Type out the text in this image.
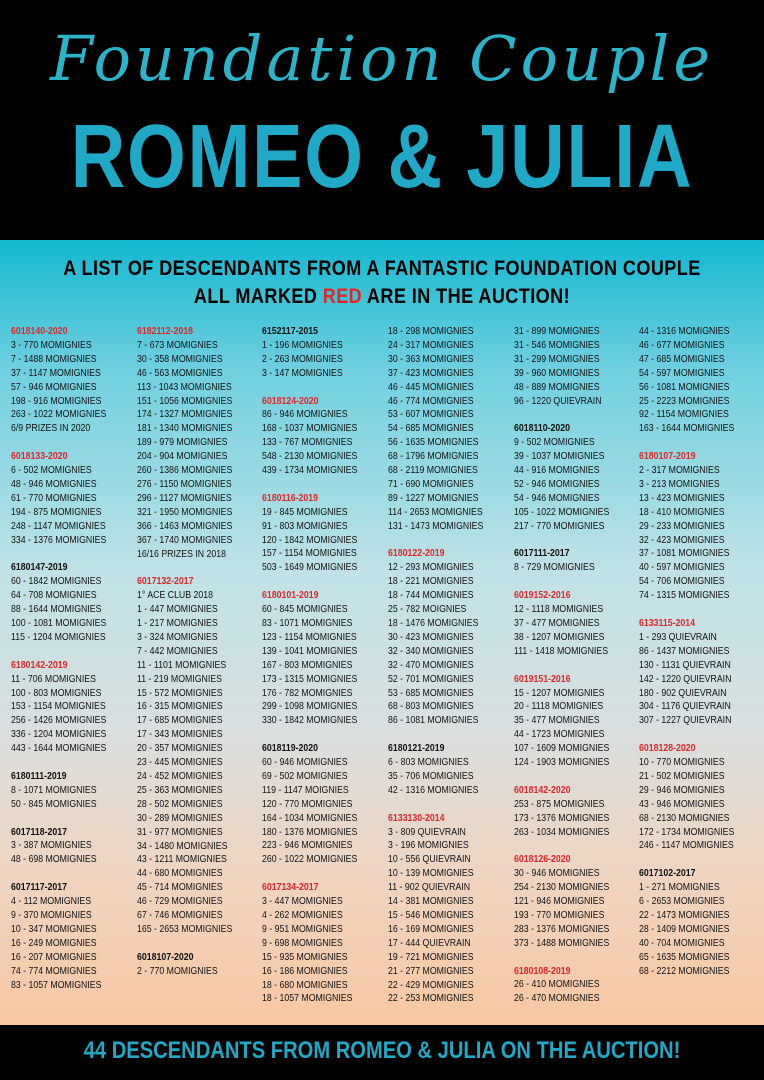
Foundation Couple
ROMEO & JULIA
A LIST OF DESCENDANTS FROM A FANTASTIC FOUNDATION COUPLE
ALL MARKED RED ARE IN THE AUCTION!
6018140-2020
3 - 770 MOMIGNIES
7 - 1488 MOMIGNIES
37 - 1147 MOMIGNIES
57 - 946 MOMIGNIES
198 - 916 MOMIGNIES
263 - 1022 MOMIGNIES
6/9 PRIZES IN 2020
6018133-2020
6 - 502 MOMIGNIES
48 - 946 MOMIGNIES
61 - 770 MOMIGNIES
194 - 875 MOMIGNIES
248 - 1147 MOMIGNIES
334 - 1376 MOMIGNIES
6180147-2019
60 - 1842 MOMIGNIES
64 - 708 MOMIGNIES
88 - 1644 MOMIGNIES
100 - 1081 MOMIGNIES
115 - 1204 MOMIGNIES
6180142-2019
11 - 706 MOMIGNIES
100 - 803 MOMIGNIES
153 - 1154 MOMIGNIES
256 - 1426 MOMIGNIES
336 - 1204 MOMIGNIES
443 - 1644 MOMIGNIES
6180111-2019
8 - 1071 MOMIGNIES
50 - 845 MOMIGNIES
6017118-2017
3 - 387 MOMIGNIES
48 - 698 MOMIGNIES
6017117-2017
4 - 112 MOMIGNIES
9 - 370 MOMIGNIES
10 - 347 MOMIGNIES
16 - 249 MOMIGNIES
16 - 207 MOMIGNIES
74 - 774 MOMIGNIES
83 - 1057 MOMIGNIES
6182112-2018
7 - 673 MOMIGNIES
30 - 358 MOMIGNIES
46 - 563 MOMIGNIES
113 - 1043 MOMIGNIES
151 - 1056 MOMIGNIES
174 - 1327 MOMIGNIES
181 - 1340 MOMIGNIES
189 - 979 MOMIGNIES
204 - 904 MOMIGNIES
260 - 1386 MOMIGNIES
276 - 1150 MOMIGNIES
296 - 1127 MOMIGNIES
321 - 1950 MOMIGNIES
366 - 1463 MOMIGNIES
367 - 1740 MOMIGNIES
16/16 PRIZES IN 2018
6017132-2017
1° ACE CLUB 2018
1 - 447 MOMIGNIES
1 - 217 MOMIGNIES
3 - 324 MOMIGNIES
7 - 442 MOMIGNIES
11 - 1101 MOMIGNIES
11 - 219 MOMIGNIES
15 - 572 MOMIGNIES
16 - 315 MOMIGNIES
17 - 685 MOMIGNIES
17 - 343 MOMIGNIES
20 - 357 MOMIGNIES
23 - 445 MOMIGNIES
24 - 452 MOMIGNIES
25 - 363 MOMIGNIES
28 - 502 MOMIGNIES
30 - 289 MOMIGNIES
31 - 977 MOMIGNIES
34 - 1480 MOMIGNIES
43 - 1211 MOMIGNIES
44 - 680 MOMIGNIES
45 - 714 MOMIGNIES
46 - 729 MOMIGNIES
67 - 746 MOMIGNIES
165 - 2653 MOMIGNIES
6018107-2020
2 - 770 MOMIGNIES
6152117-2015
1 - 196 MOMIGNIES
2 - 263 MOMIGNIES
3 - 147 MOMIGNIES
6018124-2020
86 - 946 MOMIGNIES
168 - 1037 MOMIGNIES
133 - 767 MOMIGNIES
548 - 2130 MOMIGNIES
439 - 1734 MOMIGNIES
6180116-2019
19 - 845 MOMIGNIES
91 - 803 MOMIGNIES
120 - 1842 MOMIGNIES
157 - 1154 MOMIGNIES
503 - 1649 MOMIGNIES
6180101-2019
60 - 845 MOMIGNIES
83 - 1071 MOMIGNIES
123 - 1154 MOMIGNIES
139 - 1041 MOMIGNIES
167 - 803 MOMIGNIES
173 - 1315 MOMIGNIES
176 - 782 MOMIGNIES
299 - 1098 MOMIGNIES
330 - 1842 MOMIGNIES
6018119-2020
60 - 946 MOMIGNIES
69 - 502 MOMIGNIES
119 - 1147 MOIGNIES
120 - 770 MOMIGNIES
164 - 1034 MOMIGNIES
180 - 1376 MOMIGNIES
223 - 946 MOMIGNIES
260 - 1022 MOMIGNIES
6017134-2017
3 - 447 MOMIGNIES
4 - 262 MOMIGNIES
9 - 951 MOMIGNIES
9 - 698 MOMIGNIES
15 - 935 MOMIGNIES
16 - 186 MOMIGNIES
18 - 680 MOMIGNIES
18 - 1057 MOMIGNIES
18 - 298 MOMIGNIES
24 - 317 MOMIGNIES
30 - 363 MOMIGNIES
37 - 423 MOMIGNIES
46 - 445 MOMIGNIES
46 - 774 MOMIGNIES
53 - 607 MOMIGNIES
54 - 685 MOMIGNIES
56 - 1635 MOMIGNIES
68 - 1796 MOMIGNIES
68 - 2119 MOMIGNIES
71 - 690 MOMIGNIES
89 - 1227 MOMIGNIES
114 - 2653 MOMIGNIES
131 - 1473 MOMIGNIES
6180122-2019
12 - 293 MOMIGNIES
18 - 221 MOMIGNIES
18 - 744 MOMIGNIES
25 - 782 MOIGNIES
18 - 1476 MOMIGNIES
30 - 423 MOMIGNIES
32 - 340 MOMIGNIES
32 - 470 MOMIGNIES
52 - 701 MOMIGNIES
53 - 685 MOMIGNIES
68 - 803 MOMIGNIES
86 - 1081 MOMIGNIES
6180121-2019
6 - 803 MOMIGNIES
35 - 706 MOMIGNIES
42 - 1316 MOMIGNIES
6133130-2014
3 - 809 QUIEVRAIN
3 - 196 MOMIGNIES
10 - 556 QUIEVRAIN
10 - 139 MOMIGNIES
11 - 902 QUIEVRAIN
14 - 381 MOMIGNIES
15 - 546 MOMIGNIES
16 - 169 MOMIGNIES
17 - 444 QUIEVRAIN
19 - 721 MOMIGNIES
21 - 277 MOMIGNIES
22 - 429 MOMIGNIES
22 - 253 MOMIGNIES
31 - 899 MOMIGNIES
31 - 546 MOMIGNIES
31 - 299 MOMIGNIES
39 - 960 MOMIGNIES
48 - 889 MOMIGNIES
96 - 1220 QUIEVRAIN
6018110-2020
9 - 502 MOMIGNIES
39 - 1037 MOMIGNIES
44 - 916 MOMIGNIES
52 - 946 MOMIGNIES
54 - 946 MOMIGNIES
105 - 1022 MOMIGNIES
217 - 770 MOMIGNIES
6017111-2017
8 - 729 MOMIGNIES
6019152-2016
12 - 1118 MOMIGNIES
37 - 477 MOMIGNIES
38 - 1207 MOMIGNIES
111 - 1418 MOMIGNIES
6019151-2016
15 - 1207 MOMIGNIES
20 - 1118 MOMIGNIES
35 - 477 MOMIGNIES
44 - 1723 MOMIGNIES
107 - 1609 MOMIGNIES
124 - 1903 MOMIGNIES
6018142-2020
253 - 875 MOMIGNIES
173 - 1376 MOMIGNIES
263 - 1034 MOMIGNIES
6018126-2020
30 - 946 MOMIGNIES
254 - 2130 MOMIGNIES
121 - 946 MOMIGNIES
193 - 770 MOMIGNIES
283 - 1376 MOMIGNIES
373 - 1488 MOMIGNIES
6180108-2019
26 - 410 MOMIGNIES
26 - 470 MOMIGNIES
44 - 1316 MOMIGNIES
46 - 677 MOMIGNIES
47 - 685 MOMIGNIES
54 - 597 MOMIGNIES
56 - 1081 MOMIGNIES
25 - 2223 MOMIGNIES
92 - 1154 MOMIGNIES
163 - 1644 MOMIGNIES
6180107-2019
2 - 317 MOMIGNIES
3 - 213 MOMIGNIES
13 - 423 MOMIGNIES
18 - 410 MOMIGNIES
29 - 233 MOMIGNIES
32 - 423 MOMIGNIES
37 - 1081 MOMIGNIES
40 - 597 MOMIGNIES
54 - 706 MOMIGNIES
74 - 1315 MOMIGNIES
6133115-2014
1 - 293 QUIEVRAIN
86 - 1437 MOMIGNIES
130 - 1131 QUIEVRAIN
142 - 1220 QUIEVRAIN
180 - 902 QUIEVRAIN
304 - 1176 QUIEVRAIN
307 - 1227 QUIEVRAIN
6018128-2020
10 - 770 MOMIGNIES
21 - 502 MOMIGNIES
29 - 946 MOMIGNIES
43 - 946 MOMIGNIES
68 - 2130 MOMIGNIES
172 - 1734 MOMIGNIES
246 - 1147 MOMIGNIES
6017102-2017
1 - 271 MOMIGNIES
6 - 2653 MOMIGNIES
22 - 1473 MOMIGNIES
28 - 1409 MOMIGNIES
40 - 704 MOMIGNIES
65 - 1635 MOMIGNIES
68 - 2212 MOMIGNIES
44 DESCENDANTS FROM ROMEO & JULIA ON THE AUCTION!
